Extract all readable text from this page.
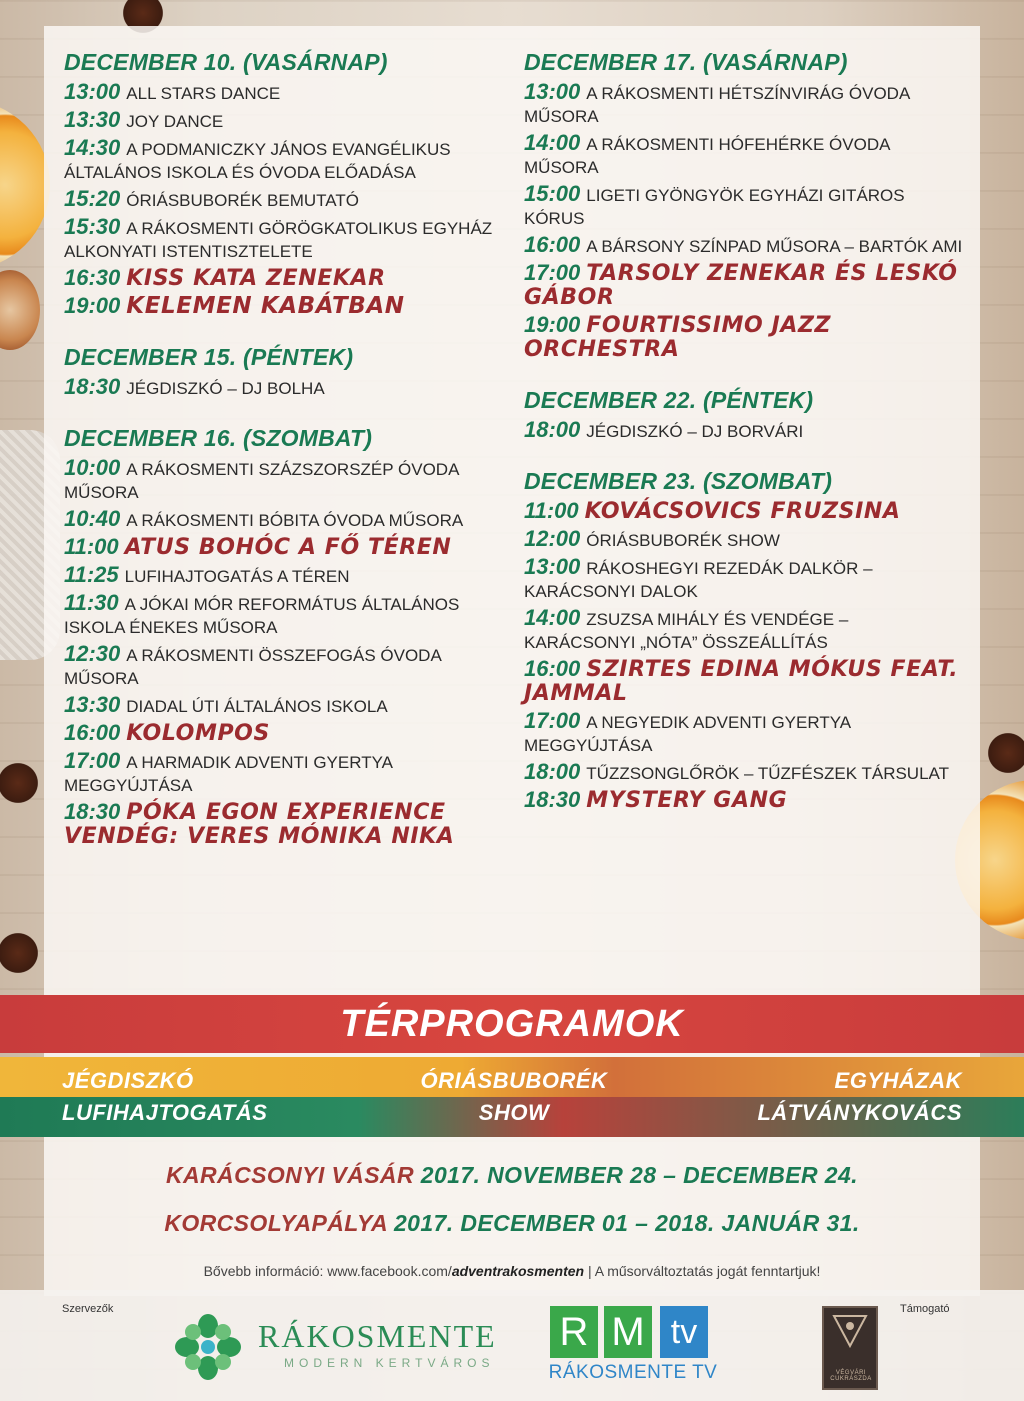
DECEMBER 10. (VASÁRNAP)
13:00 ALL STARS DANCE
13:30 JOY DANCE
14:30 A PODMANICZKY JÁNOS EVANGÉLIKUS ÁLTALÁNOS ISKOLA ÉS ÓVODA ELŐADÁSA
15:20 ÓRIÁSBUBORÉK BEMUTATÓ
15:30 A RÁKOSMENTI GÖRÖGKATOLIKUS EGYHÁZ ALKONYATI ISTENTISZTELETE
16:30 KISS KATA ZENEKAR
19:00 KELEMEN KABÁTBAN
DECEMBER 15. (PÉNTEK)
18:30 JÉGDISZKÓ – DJ BOLHA
DECEMBER 16. (SZOMBAT)
10:00 A RÁKOSMENTI SZÁZSZORSZÉP ÓVODA MŰSORA
10:40 A RÁKOSMENTI BÓBITA ÓVODA MŰSORA
11:00 ATUS BOHÓC A FŐ TÉREN
11:25 LUFIHAJTOGATÁS A TÉREN
11:30 A JÓKAI MÓR REFORMÁTUS ÁLTALÁNOS ISKOLA ÉNEKES MŰSORA
12:30 A RÁKOSMENTI ÖSSZEFOGÁS ÓVODA MŰSORA
13:30 DIADAL ÚTI ÁLTALÁNOS ISKOLA
16:00 KOLOMPOS
17:00 A HARMADIK ADVENTI GYERTYA MEGGYÚJTÁSA
18:30 PÓKA EGON EXPERIENCE VENDÉG: VERES MÓNIKA NIKA
DECEMBER 17. (VASÁRNAP)
13:00 A RÁKOSMENTI HÉTSZÍNVIRÁG ÓVODA MŰSORA
14:00 A RÁKOSMENTI HÓFEHÉRKE ÓVODA MŰSORA
15:00 LIGETI GYÖNGYÖK EGYHÁZI GITÁROS KÓRUS
16:00 A BÁRSONY SZÍNPAD MŰSORA – BARTÓK AMI
17:00 TARSOLY ZENEKAR ÉS LESKÓ GÁBOR
19:00 FOURTISSIMO JAZZ ORCHESTRA
DECEMBER 22. (PÉNTEK)
18:00 JÉGDISZKÓ – DJ BORVÁRI
DECEMBER 23. (SZOMBAT)
11:00 KOVÁCSOVICS FRUZSINA
12:00 ÓRIÁSBUBORÉK SHOW
13:00 RÁKOSHEGYI REZEDÁK DALKÖR – KARÁCSONYI DALOK
14:00 ZSUZSA MIHÁLY ÉS VENDÉGE – KARÁCSONYI „NÓTA” ÖSSZEÁLLÍTÁS
16:00 SZIRTES EDINA MÓKUS FEAT. JAMMAL
17:00 A NEGYEDIK ADVENTI GYERTYA MEGGYÚJTÁSA
18:00 TŰZZSONGLŐRÖK – TŰZFÉSZEK TÁRSULAT
18:30 MYSTERY GANG
TÉRPROGRAMOK
JÉGDISZKÓ
LUFIHAJTOGATÁS
ÓRIÁSBUBORÉK
SHOW
EGYHÁZAK
LÁTVÁNYKOVÁCS
KARÁCSONYI VÁSÁR 2017. NOVEMBER 28 – DECEMBER 24.
KORCSOLYAPÁLYA 2017. DECEMBER 01 – 2018. JANUÁR 31.
Bővebb információ: www.facebook.com/adventrakosmenten | A műsorváltoztatás jogát fenntartjuk!
Szervezők	Támogató
RÁKOSMENTE
MODERN KERTVÁROS
R M tv
RÁKOSMENTE TV	VÉGVÁRI CUKRÁSZDA
